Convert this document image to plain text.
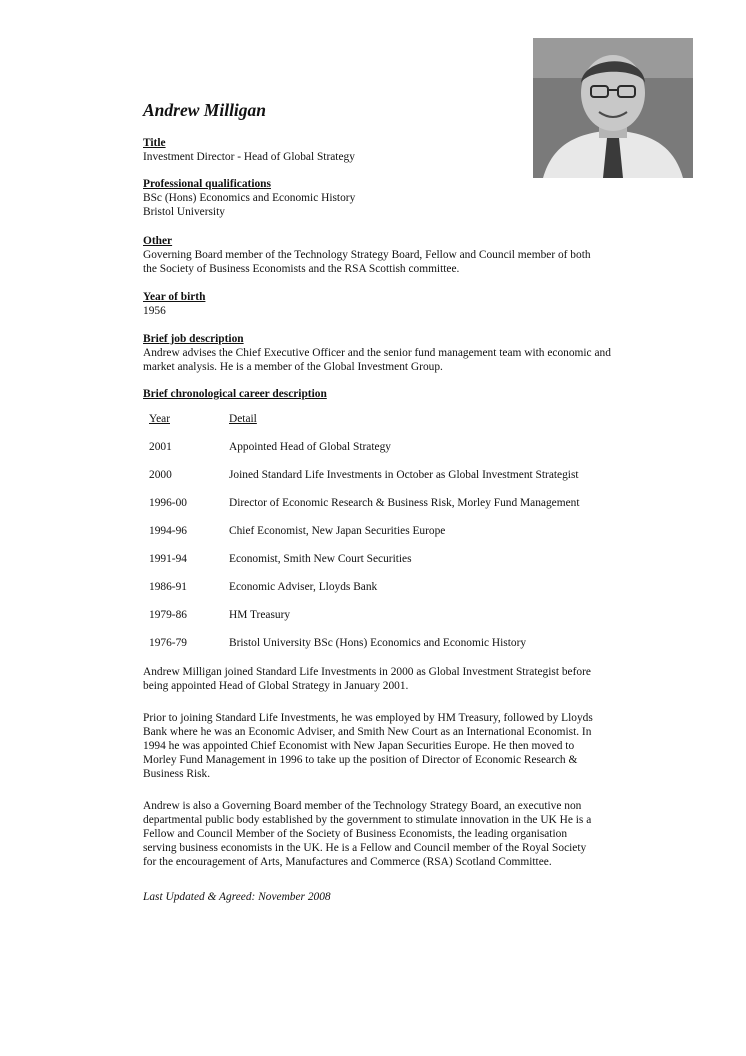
Andrew Milligan
Title
Investment Director - Head of Global Strategy
Professional qualifications
BSc (Hons) Economics and Economic History
Bristol University
Other
Governing Board member of the Technology Strategy Board, Fellow and Council member of both
the Society of Business Economists and the RSA Scottish committee.
Year of birth
1956
Brief job description
Andrew advises the Chief Executive Officer and the senior fund management team with economic and
market analysis. He is a member of the Global Investment Group.
Brief chronological career description
Year	Detail
2001	Appointed Head of Global Strategy
2000	Joined Standard Life Investments in October as Global Investment Strategist
1996-00	Director of Economic Research & Business Risk, Morley Fund Management
1994-96	Chief Economist, New Japan Securities Europe
1991-94	Economist, Smith New Court Securities
1986-91	Economic Adviser, Lloyds Bank
1979-86	HM Treasury
1976-79	Bristol University BSc (Hons) Economics and Economic History

Andrew Milligan joined Standard Life Investments in 2000 as Global Investment Strategist before
being appointed Head of Global Strategy in January 2001.

Prior to joining Standard Life Investments, he was employed by HM Treasury, followed by Lloyds
Bank where he was an Economic Adviser, and Smith New Court as an International Economist. In
1994 he was appointed Chief Economist with New Japan Securities Europe. He then moved to
Morley Fund Management in 1996 to take up the position of Director of Economic Research &
Business Risk.

Andrew is also a Governing Board member of the Technology Strategy Board, an executive non
departmental public body established by the government to stimulate innovation in the UK He is a
Fellow and Council Member of the Society of Business Economists, the leading organisation
serving business economists in the UK. He is a Fellow and Council member of the Royal Society
for the encouragement of Arts, Manufactures and Commerce (RSA) Scotland Committee.

Last Updated & Agreed: November 2008
